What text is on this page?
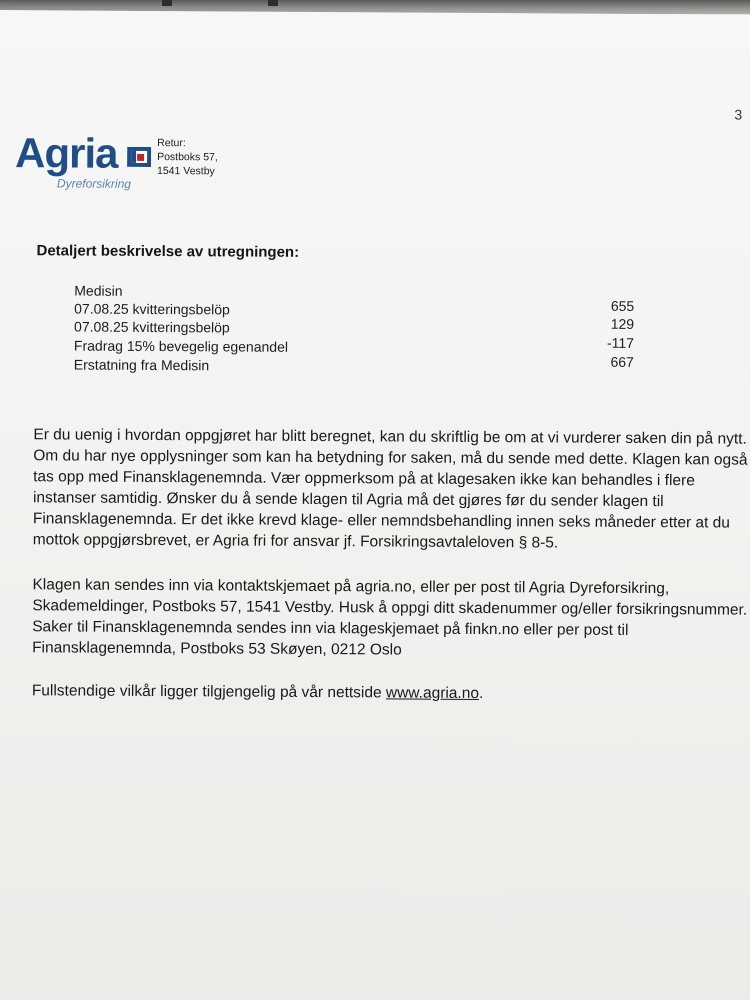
3
Agria
Dyreforsikring
Retur:
Postboks 57,
1541 Vestby
Detaljert beskrivelse av utregningen:
Medisin
07.08.25 kvitteringsbelöp	655
07.08.25 kvitteringsbelöp	129
Fradrag 15% bevegelig egenandel	-117
Erstatning fra Medisin	667

Er du uenig i hvordan oppgjøret har blitt beregnet, kan du skriftlig be om at vi vurderer saken din på nytt. Om du har nye opplysninger som kan ha betydning for saken, må du sende med dette. Klagen kan også tas opp med Finansklagenemnda. Vær oppmerksom på at klagesaken ikke kan behandles i flere instanser samtidig. Ønsker du å sende klagen til Agria må det gjøres før du sender klagen til Finansklagenemnda. Er det ikke krevd klage- eller nemndsbehandling innen seks måneder etter at du mottok oppgjørsbrevet, er Agria fri for ansvar jf. Forsikringsavtaleloven § 8-5.

Klagen kan sendes inn via kontaktskjemaet på agria.no, eller per post til Agria Dyreforsikring, Skademeldinger, Postboks 57, 1541 Vestby. Husk å oppgi ditt skadenummer og/eller forsikringsnummer. Saker til Finansklagenemnda sendes inn via klageskjemaet på finkn.no eller per post til Finansklagenemnda, Postboks 53 Skøyen, 0212 Oslo

Fullstendige vilkår ligger tilgjengelig på vår nettside www.agria.no.
